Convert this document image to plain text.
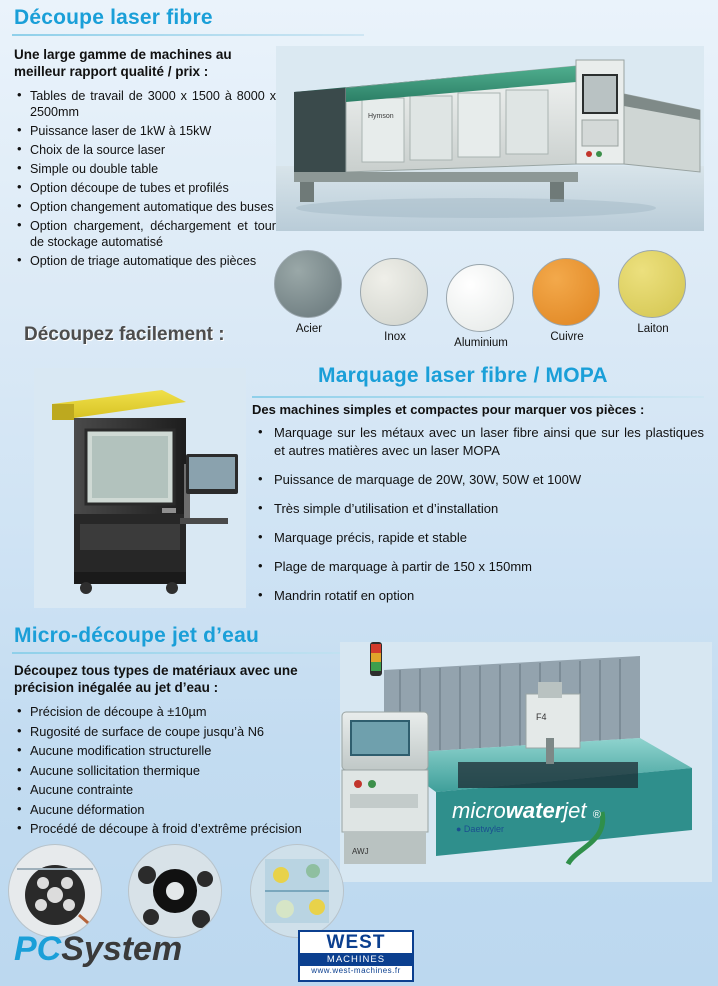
Découpe laser fibre
Une large gamme de machines au meilleur rapport qualité / prix :
• Tables de travail de 3000 x 1500 à 8000 x 2500mm
• Puissance laser de 1kW à 15kW
• Choix de la source laser
• Simple ou double table
• Option découpe de tubes et profilés
• Option changement automatique des buses
• Option chargement, déchargement et tour de stockage automatisé
• Option de triage automatique des pièces
Hymson
Acier
Inox	Aluminium	Cuivre
Laiton
Découpez facilement :
Marquage laser fibre / MOPA
Des machines simples et compactes pour marquer vos pièces :
• Marquage sur les métaux avec un laser fibre ainsi que sur les plastiques et autres matières avec un laser MOPA
• Puissance de marquage de 20W, 30W, 50W et 100W
• Très simple d’utilisation et d’installation
• Marquage précis, rapide et stable
• Plage de marquage à partir de 150 x 150mm
• Mandrin rotatif en option
Micro-découpe jet d’eau
Découpez tous types de matériaux avec une précision inégalée au jet d’eau :
• Précision de découpe à ±10µm
• Rugosité de surface de coupe jusqu’à N6
• Aucune modification structurelle
• Aucune sollicitation thermique
• Aucune contrainte
• Aucune déformation
• Procédé de découpe à froid d’extrême précision
F4
AWJ
microwaterjet ®
● Daetwyler
PCSystem	WEST
MACHINES
www.west-machines.fr
